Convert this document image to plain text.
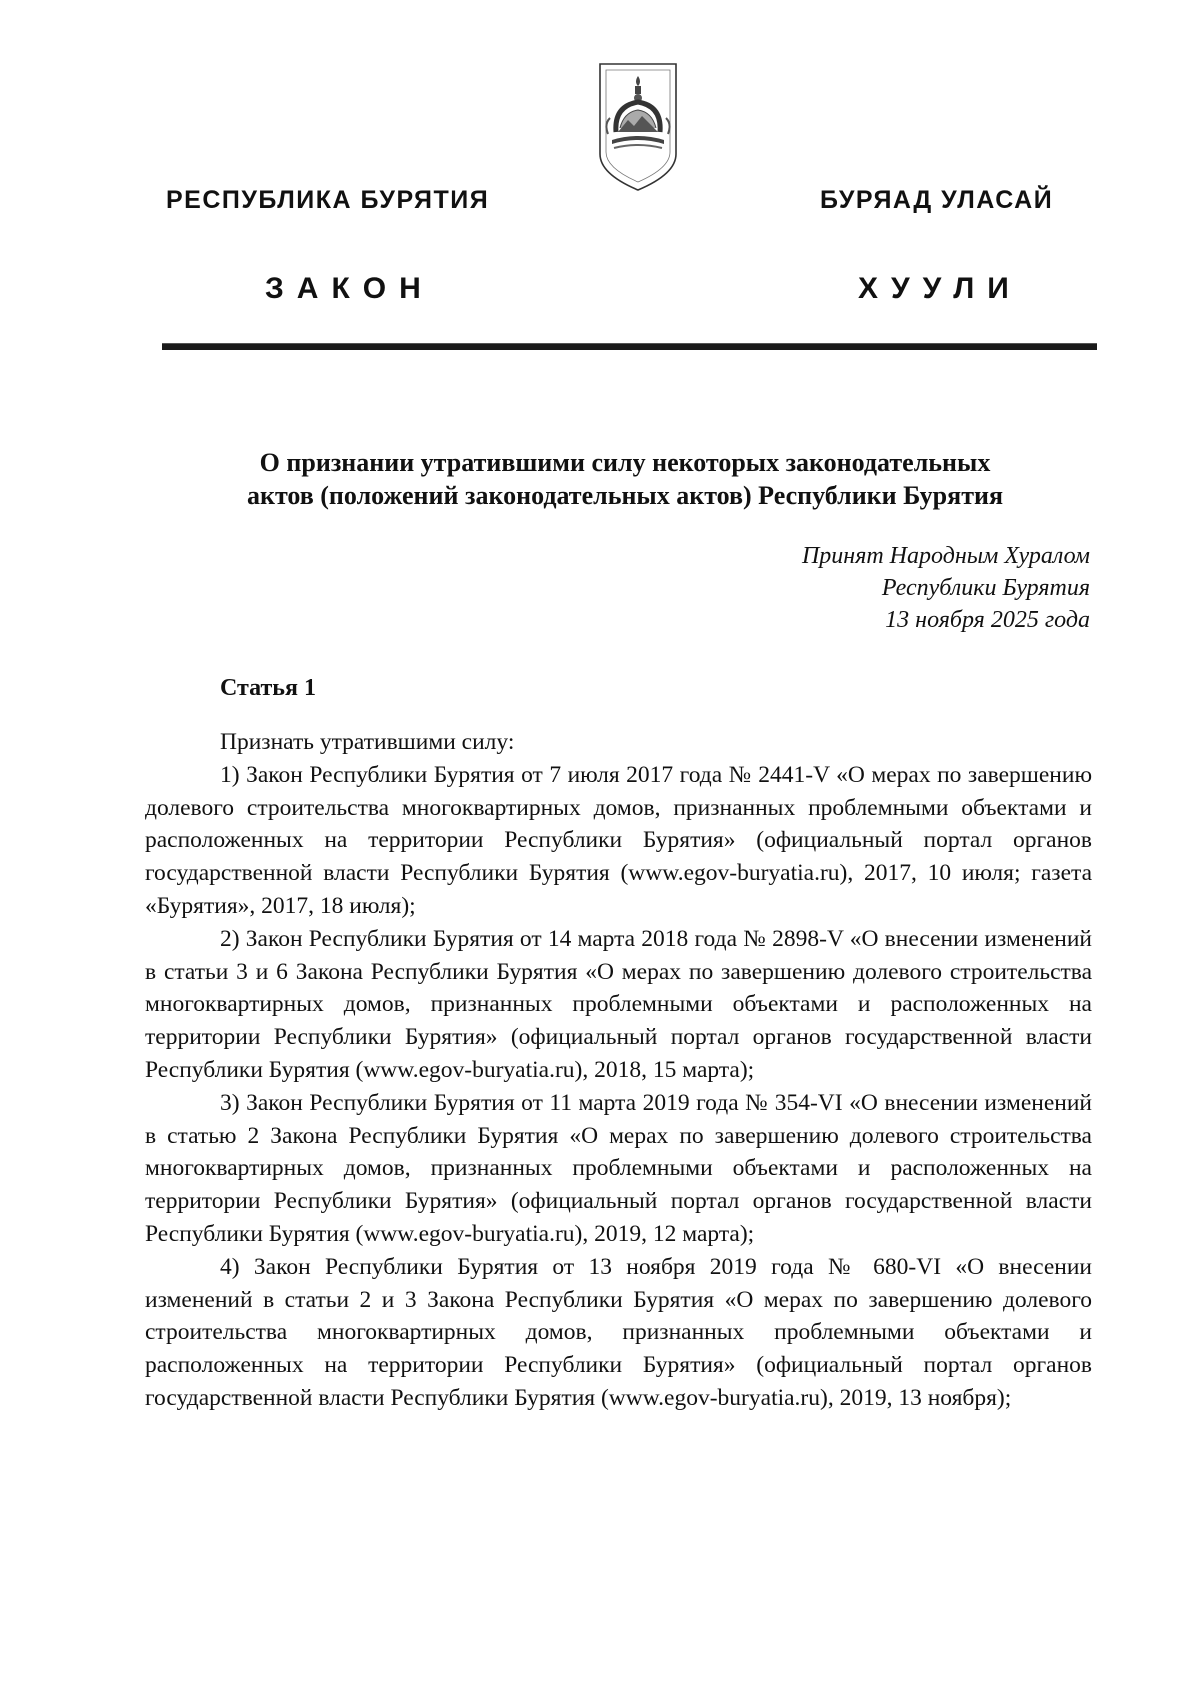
РЕСПУБЛИКА БУРЯТИЯ	БУРЯАД УЛАСАЙ
ЗАКОН	ХУУЛИ
О признании утратившими силу некоторых законодательных
актов (положений законодательных актов) Республики Бурятия
Принят Народным Хуралом
Республики Бурятия
13 ноября 2025 года
Статья 1

Признать утратившими силу:

1) Закон Республики Бурятия от 7 июля 2017 года № 2441-V «О мерах по завершению долевого строительства многоквартирных домов, признанных проблемными объектами и расположенных на территории Республики Бурятия» (официальный портал органов государственной власти Республики Бурятия (www.egov-buryatia.ru), 2017, 10 июля; газета «Бурятия», 2017, 18 июля);

2) Закон Республики Бурятия от 14 марта 2018 года № 2898-V «О внесении изменений в статьи 3 и 6 Закона Республики Бурятия «О мерах по завершению долевого строительства многоквартирных домов, признанных проблемными объектами и расположенных на территории Республики Бурятия» (официальный портал органов государственной власти Республики Бурятия (www.egov-buryatia.ru), 2018, 15 марта);

3) Закон Республики Бурятия от 11 марта 2019 года № 354-VI «О внесении изменений в статью 2 Закона Республики Бурятия «О мерах по завершению долевого строительства многоквартирных домов, признанных проблемными объектами и расположенных на территории Республики Бурятия» (официальный портал органов государственной власти Республики Бурятия (www.egov-buryatia.ru), 2019, 12 марта);

4) Закон Республики Бурятия от 13 ноября 2019 года № 680-VI «О внесении изменений в статьи 2 и 3 Закона Республики Бурятия «О мерах по завершению долевого строительства многоквартирных домов, признанных проблемными объектами и расположенных на территории Республики Бурятия» (официальный портал органов государственной власти Республики Бурятия (www.egov-buryatia.ru), 2019, 13 ноября);
